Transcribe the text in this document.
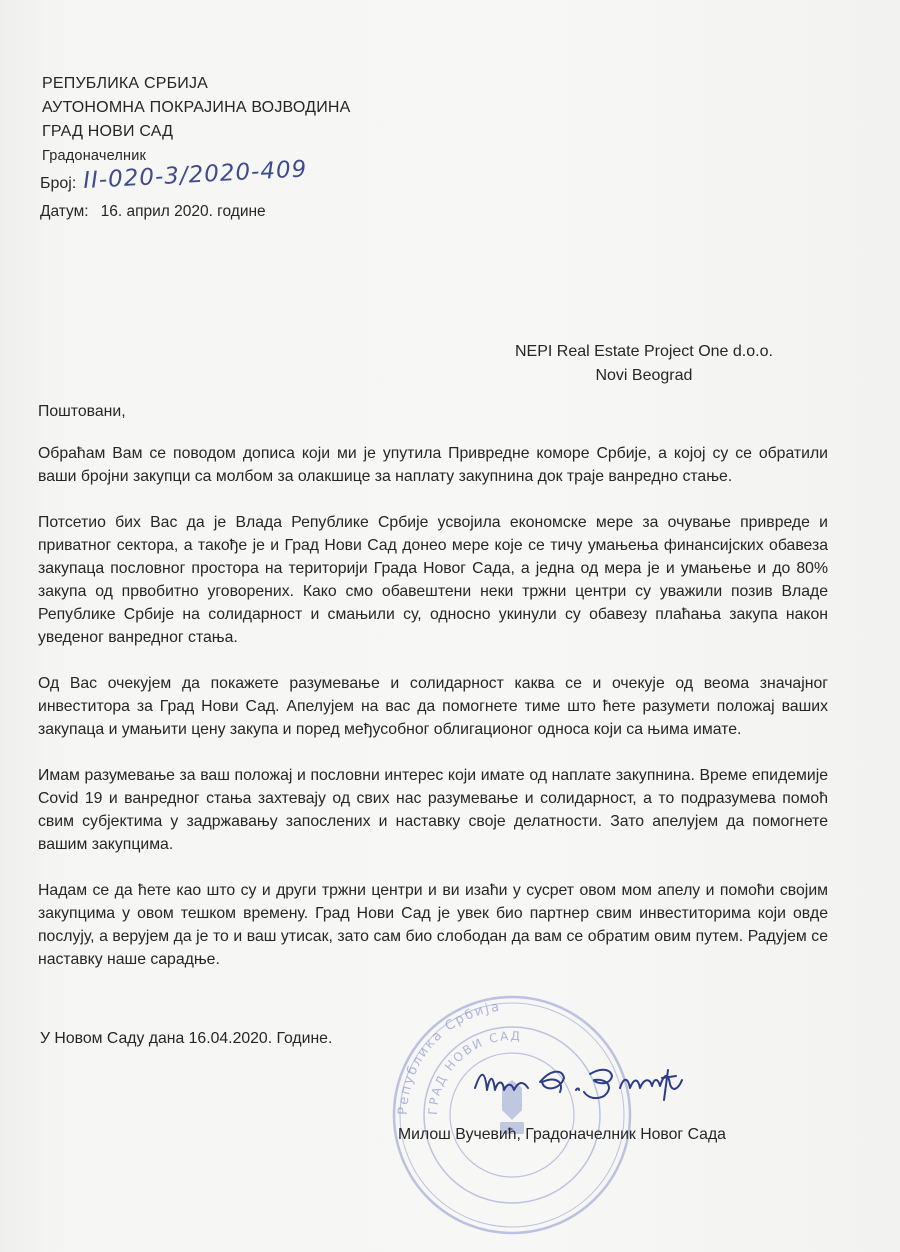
РЕПУБЛИКА СРБИЈА
АУТОНОМНА ПОКРАЈИНА ВОЈВОДИНА
ГРАД НОВИ САД
Градоначелник
Број: II-020-3/2020-409
Датум: 16. април 2020. године
NEPI Real Estate Project One d.o.o.
Novi Beograd

Поштовани,

Обраћам Вам се поводом дописа који ми је упутила Привредне коморе Србије, а којој су се обратили ваши бројни закупци са молбом за олакшице за наплату закупнина док траје ванредно стање.

Потсетио бих Вас да је Влада Републике Србије усвојила економске мере за очување привреде и приватног сектора, а такође је и Град Нови Сад донео мере које се тичу умањења финансијских обавеза закупаца пословног простора на територији Града Новог Сада, а једна од мера је и умањење и до 80% закупа од првобитно уговорених. Како смо обавештени неки тржни центри су уважили позив Владе Републике Србије на солидарност и смањили су, односно укинули су обавезу плаћања закупа након уведеног ванредног стања.

Од Вас очекујем да покажете разумевање и солидарност каква се и очекује од веома значајног инвеститора за Град Нови Сад. Апелујем на вас да помогнете тиме што ћете разумети положај ваших закупаца и умањити цену закупа и поред међусобног облигационог односа који са њима имате.

Имам разумевање за ваш положај и пословни интерес који имате од наплате закупнина. Време епидемије Covid 19 и ванредног стања захтевају од свих нас разумевање и солидарност, а то подразумева помоћ свим субјектима у задржавању запослених и наставку своје делатности. Зато апелујем да помогнете вашим закупцима.

Надам се да ћете као што су и други тржни центри и ви изаћи у сусрет овом мом апелу и помоћи својим закупцима у овом тешком времену. Град Нови Сад је увек био партнер свим инвеститорима који овде послују, а верујем да је то и ваш утисак, зато сам био слободан да вам се обратим овим путем. Радујем се наставку наше сарадње.

У Новом Саду дана 16.04.2020. Године.
Република Србија
ГРАД НОВИ САД
Милош Вучевић, Градоначелник Новог Сада
